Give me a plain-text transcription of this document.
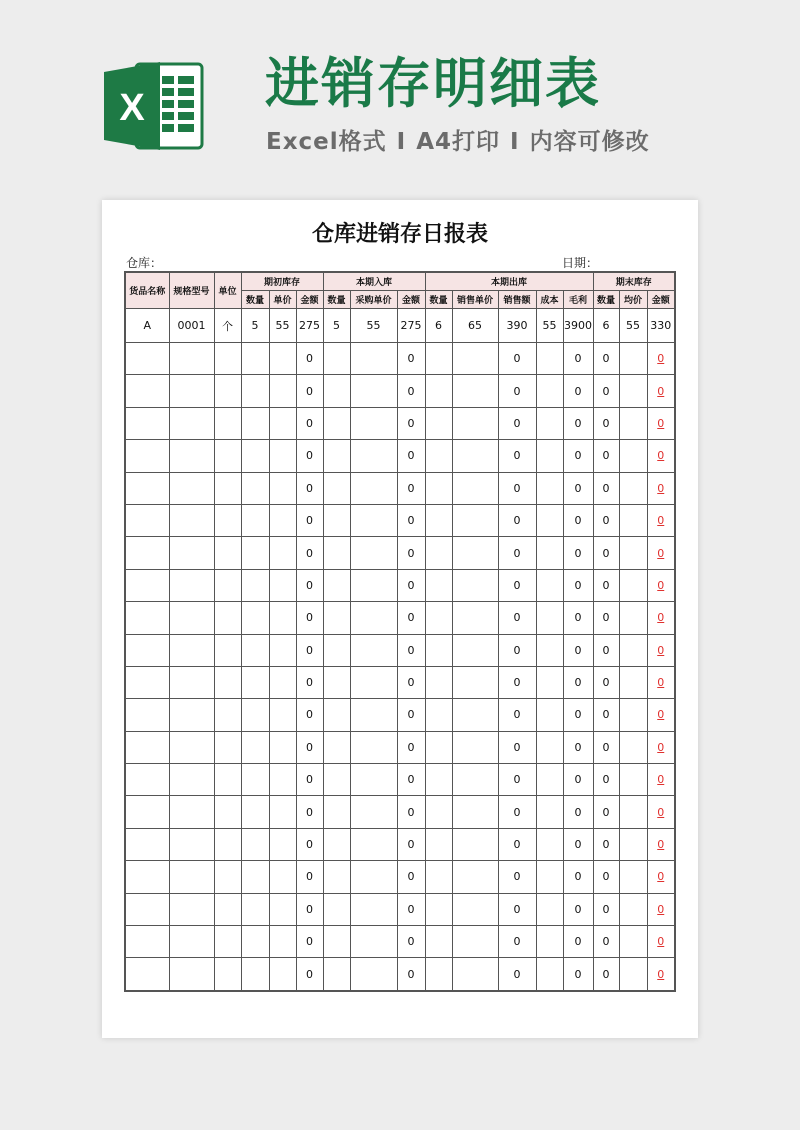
X 进销存明细表
Excel格式 I A4打印 I 内容可修改
仓库进销存日报表
仓库：	日期：
货品名称	规格型号	单位	期初库存			本期入库			本期出库					期末库存		
			数量	单价	金额	数量	采购单价	金额	数量	销售单价	销售额	成本	毛利	数量	均价	金额
A	0001	个	5	55	275	5	55	275	6	65	390	55	3900	6	55	330
					0			0			0		0	0		0
					0			0			0		0	0		0
					0			0			0		0	0		0
					0			0			0		0	0		0
					0			0			0		0	0		0
					0			0			0		0	0		0
					0			0			0		0	0		0
					0			0			0		0	0		0
					0			0			0		0	0		0
					0			0			0		0	0		0
					0			0			0		0	0		0
					0			0			0		0	0		0
					0			0			0		0	0		0
					0			0			0		0	0		0
					0			0			0		0	0		0
					0			0			0		0	0		0
					0			0			0		0	0		0
					0			0			0		0	0		0
					0			0			0		0	0		0
					0			0			0		0	0		0
